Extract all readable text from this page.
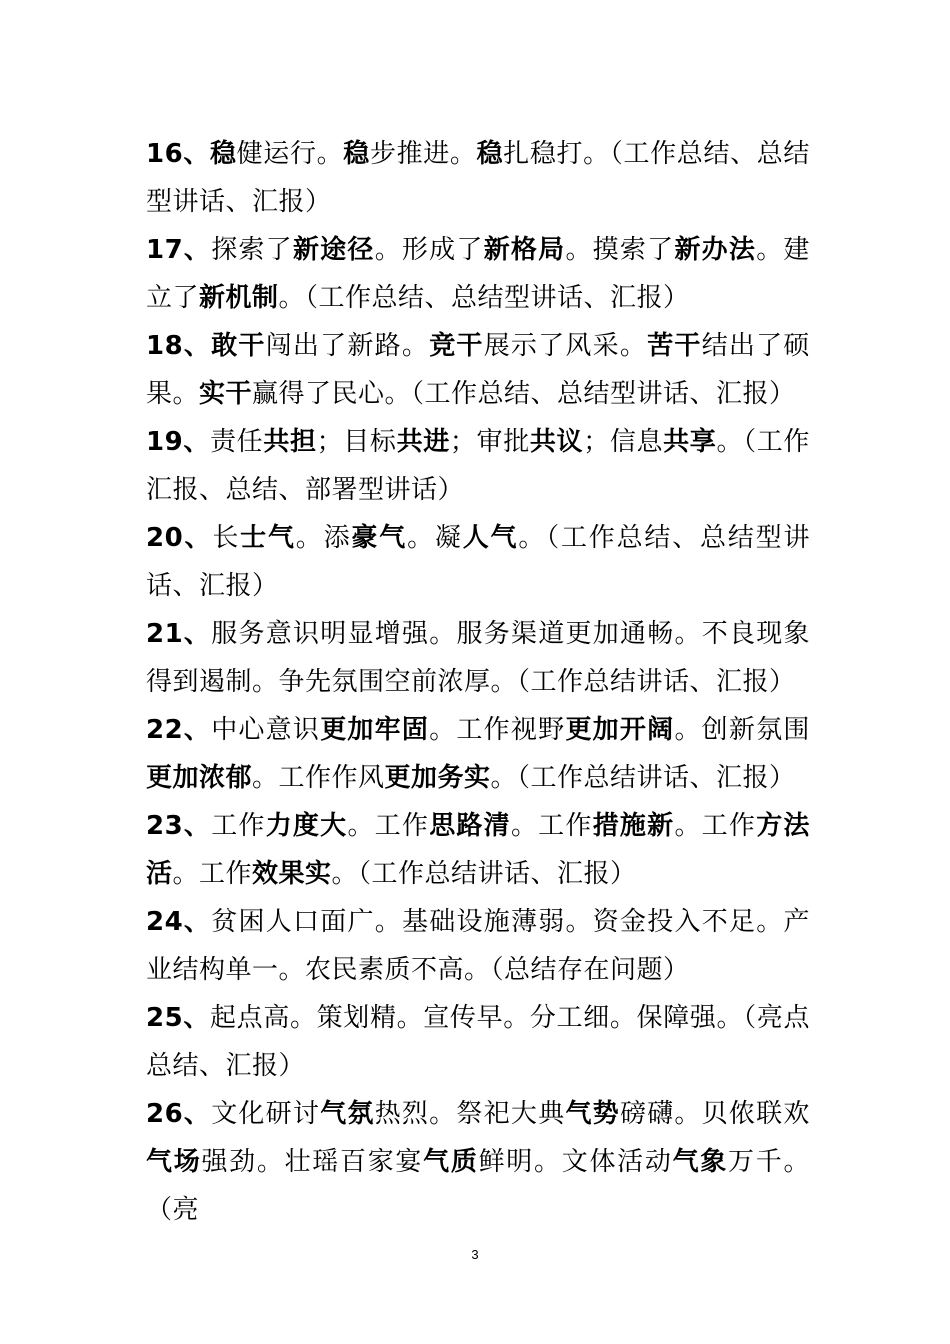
16、稳健运行。稳步推进。稳扎稳打。（工作总结、总结型讲话、汇报）

17、探索了新途径。形成了新格局。摸索了新办法。建立了新机制。（工作总结、总结型讲话、汇报）

18、敢干闯出了新路。竞干展示了风采。苦干结出了硕果。实干赢得了民心。（工作总结、总结型讲话、汇报）

19、责任共担；目标共进；审批共议；信息共享。（工作汇报、总结、部署型讲话）

20、长士气。添豪气。凝人气。（工作总结、总结型讲话、汇报）

21、服务意识明显增强。服务渠道更加通畅。不良现象得到遏制。争先氛围空前浓厚。（工作总结讲话、汇报）

22、中心意识更加牢固。工作视野更加开阔。创新氛围更加浓郁。工作作风更加务实。（工作总结讲话、汇报）

23、工作力度大。工作思路清。工作措施新。工作方法活。工作效果实。（工作总结讲话、汇报）

24、贫困人口面广。基础设施薄弱。资金投入不足。产业结构单一。农民素质不高。（总结存在问题）

25、起点高。策划精。宣传早。分工细。保障强。（亮点总结、汇报）

26、文化研讨气氛热烈。祭祀大典气势磅礴。贝侬联欢气场强劲。壮瑶百家宴气质鲜明。文体活动气象万千。（亮

3
